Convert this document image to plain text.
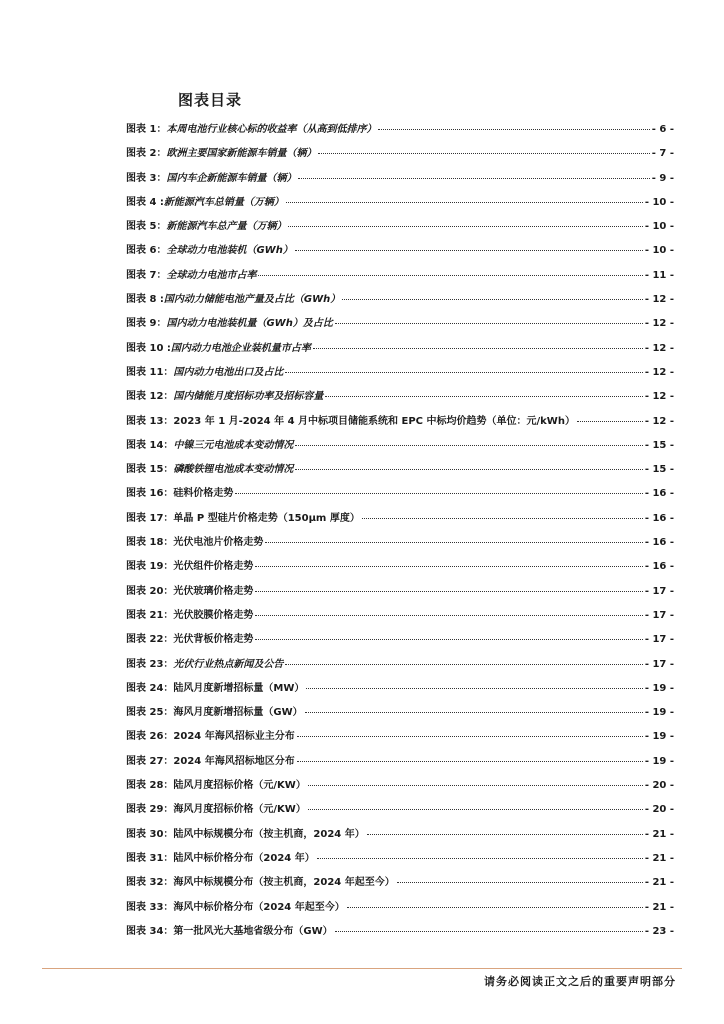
图表目录
图表 1：本周电池行业核心标的收益率（从高到低排序）	- 6 -
图表 2：欧洲主要国家新能源车销量（辆）	- 7 -
图表 3：国内车企新能源车销量（辆）	- 9 -
图表 4 :新能源汽车总销量（万辆）	- 10 -
图表 5：新能源汽车总产量（万辆）	- 10 -
图表 6：全球动力电池装机（GWh）	- 10 -
图表 7：全球动力电池市占率	- 11 -
图表 8 :国内动力储能电池产量及占比（GWh）	- 12 -
图表 9：国内动力电池装机量（GWh）及占比	- 12 -
图表 10 :国内动力电池企业装机量市占率	- 12 -
图表 11：国内动力电池出口及占比	- 12 -
图表 12：国内储能月度招标功率及招标容量	- 12 -
图表 13：2023 年 1 月-2024 年 4 月中标项目储能系统和 EPC 中标均价趋势（单位：元/kWh）	- 12 -
图表 14：中镍三元电池成本变动情况	- 15 -
图表 15：磷酸铁锂电池成本变动情况	- 15 -
图表 16：硅料价格走势	- 16 -
图表 17：单晶 P 型硅片价格走势（150μm 厚度）	- 16 -
图表 18：光伏电池片价格走势	- 16 -
图表 19：光伏组件价格走势	- 16 -
图表 20：光伏玻璃价格走势	- 17 -
图表 21：光伏胶膜价格走势	- 17 -
图表 22：光伏背板价格走势	- 17 -
图表 23：光伏行业热点新闻及公告	- 17 -
图表 24：陆风月度新增招标量（MW）	- 19 -
图表 25：海风月度新增招标量（GW）	- 19 -
图表 26：2024 年海风招标业主分布	- 19 -
图表 27：2024 年海风招标地区分布	- 19 -
图表 28：陆风月度招标价格（元/KW）	- 20 -
图表 29：海风月度招标价格（元/KW）	- 20 -
图表 30：陆风中标规模分布（按主机商，2024 年）	- 21 -
图表 31：陆风中标价格分布（2024 年）	- 21 -
图表 32：海风中标规模分布（按主机商，2024 年起至今）	- 21 -
图表 33：海风中标价格分布（2024 年起至今）	- 21 -
图表 34：第一批风光大基地省级分布（GW）	- 23 -
请务必阅读正文之后的重要声明部分
